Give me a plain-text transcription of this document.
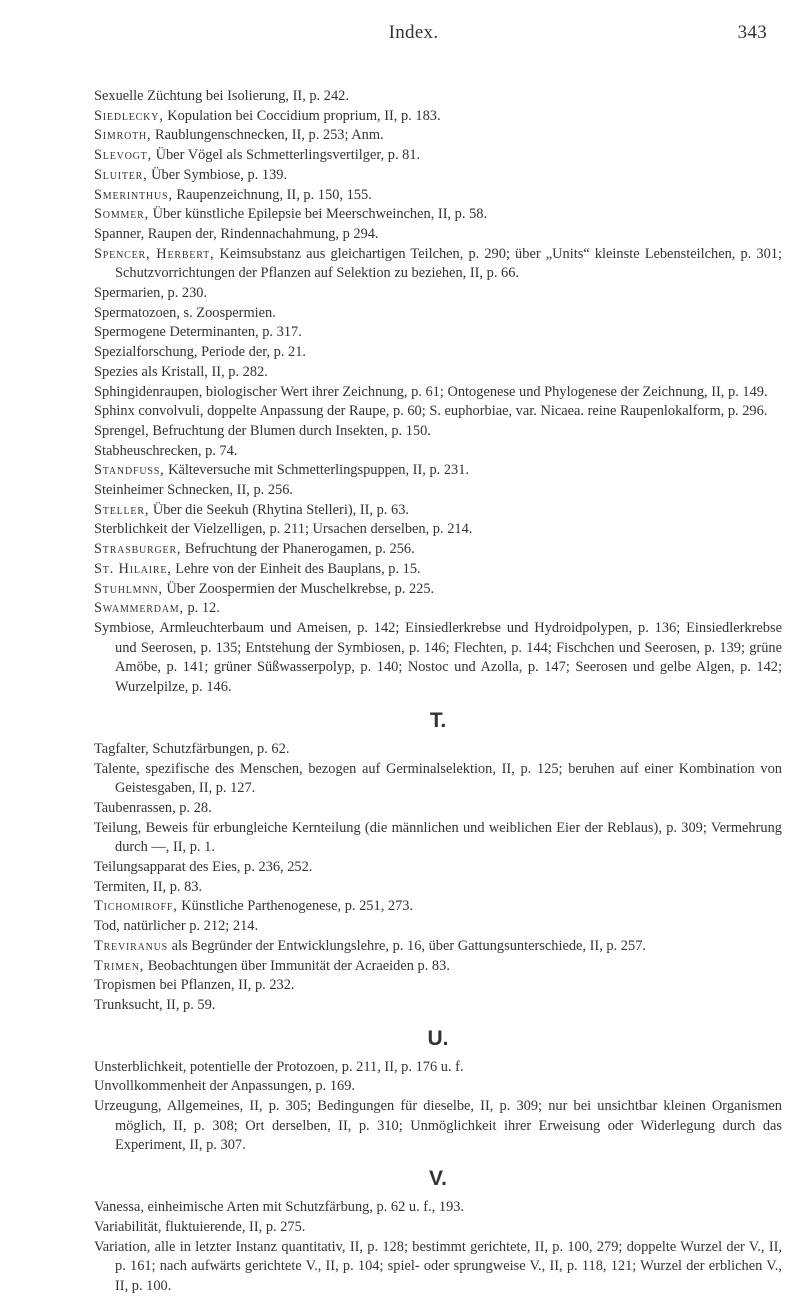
Index.	343
Sexuelle Züchtung bei Isolierung, II, p. 242.
Siedlecky, Kopulation bei Coccidium proprium, II, p. 183.
Simroth, Raublungenschnecken, II, p. 253; Anm.
Slevogt, Über Vögel als Schmetterlingsvertilger, p. 81.
Sluiter, Über Symbiose, p. 139.
Smerinthus, Raupenzeichnung, II, p. 150, 155.
Sommer, Über künstliche Epilepsie bei Meerschweinchen, II, p. 58.
Spanner, Raupen der, Rindennachahmung, p 294.
Spencer, Herbert, Keimsubstanz aus gleichartigen Teilchen, p. 290; über „Units“ kleinste Lebensteilchen, p. 301; Schutzvorrichtungen der Pflanzen auf Selektion zu beziehen, II, p. 66.
Spermarien, p. 230.
Spermatozoen, s. Zoospermien.
Spermogene Determinanten, p. 317.
Spezialforschung, Periode der, p. 21.
Spezies als Kristall, II, p. 282.
Sphingidenraupen, biologischer Wert ihrer Zeichnung, p. 61; Ontogenese und Phylogenese der Zeichnung, II, p. 149.
Sphinx convolvuli, doppelte Anpassung der Raupe, p. 60; S. euphorbiae, var. Nicaea. reine Raupenlokalform, p. 296.
Sprengel, Befruchtung der Blumen durch Insekten, p. 150.
Stabheuschrecken, p. 74.
Standfuss, Kälteversuche mit Schmetterlingspuppen, II, p. 231.
Steinheimer Schnecken, II, p. 256.
Steller, Über die Seekuh (Rhytina Stelleri), II, p. 63.
Sterblichkeit der Vielzelligen, p. 211; Ursachen derselben, p. 214.
Strasburger, Befruchtung der Phanerogamen, p. 256.
St. Hilaire, Lehre von der Einheit des Bauplans, p. 15.
Stuhlmnn, Über Zoospermien der Muschelkrebse, p. 225.
Swammerdam, p. 12.
Symbiose, Armleuchterbaum und Ameisen, p. 142; Einsiedlerkrebse und Hydroidpolypen, p. 136; Einsiedlerkrebse und Seerosen, p. 135; Entstehung der Symbiosen, p. 146; Flechten, p. 144; Fischchen und Seerosen, p. 139; grüne Amöbe, p. 141; grüner Süßwasserpolyp, p. 140; Nostoc und Azolla, p. 147; Seerosen und gelbe Algen, p. 142; Wurzelpilze, p. 146.
T.
Tagfalter, Schutzfärbungen, p. 62.
Talente, spezifische des Menschen, bezogen auf Germinalselektion, II, p. 125; beruhen auf einer Kombination von Geistesgaben, II, p. 127.
Taubenrassen, p. 28.
Teilung, Beweis für erbungleiche Kernteilung (die männlichen und weiblichen Eier der Reblaus), p. 309; Vermehrung durch —, II, p. 1.
Teilungsapparat des Eies, p. 236, 252.
Termiten, II, p. 83.
Tichomiroff, Künstliche Parthenogenese, p. 251, 273.
Tod, natürlicher p. 212; 214.
Treviranus als Begründer der Entwicklungslehre, p. 16, über Gattungsunterschiede, II, p. 257.
Trimen, Beobachtungen über Immunität der Acraeiden p. 83.
Tropismen bei Pflanzen, II, p. 232.
Trunksucht, II, p. 59.
U.
Unsterblichkeit, potentielle der Protozoen, p. 211, II, p. 176 u. f.
Unvollkommenheit der Anpassungen, p. 169.
Urzeugung, Allgemeines, II, p. 305; Bedingungen für dieselbe, II, p. 309; nur bei unsichtbar kleinen Organismen möglich, II, p. 308; Ort derselben, II, p. 310; Unmöglichkeit ihrer Erweisung oder Widerlegung durch das Experiment, II, p. 307.
V.
Vanessa, einheimische Arten mit Schutzfärbung, p. 62 u. f., 193.
Variabilität, fluktuierende, II, p. 275.
Variation, alle in letzter Instanz quantitativ, II, p. 128; bestimmt gerichtete, II, p. 100, 279; doppelte Wurzel der V., II, p. 161; nach aufwärts gerichtete V., II, p. 104; spiel- oder sprungweise V., II, p. 118, 121; Wurzel der erblichen V., II, p. 100.
